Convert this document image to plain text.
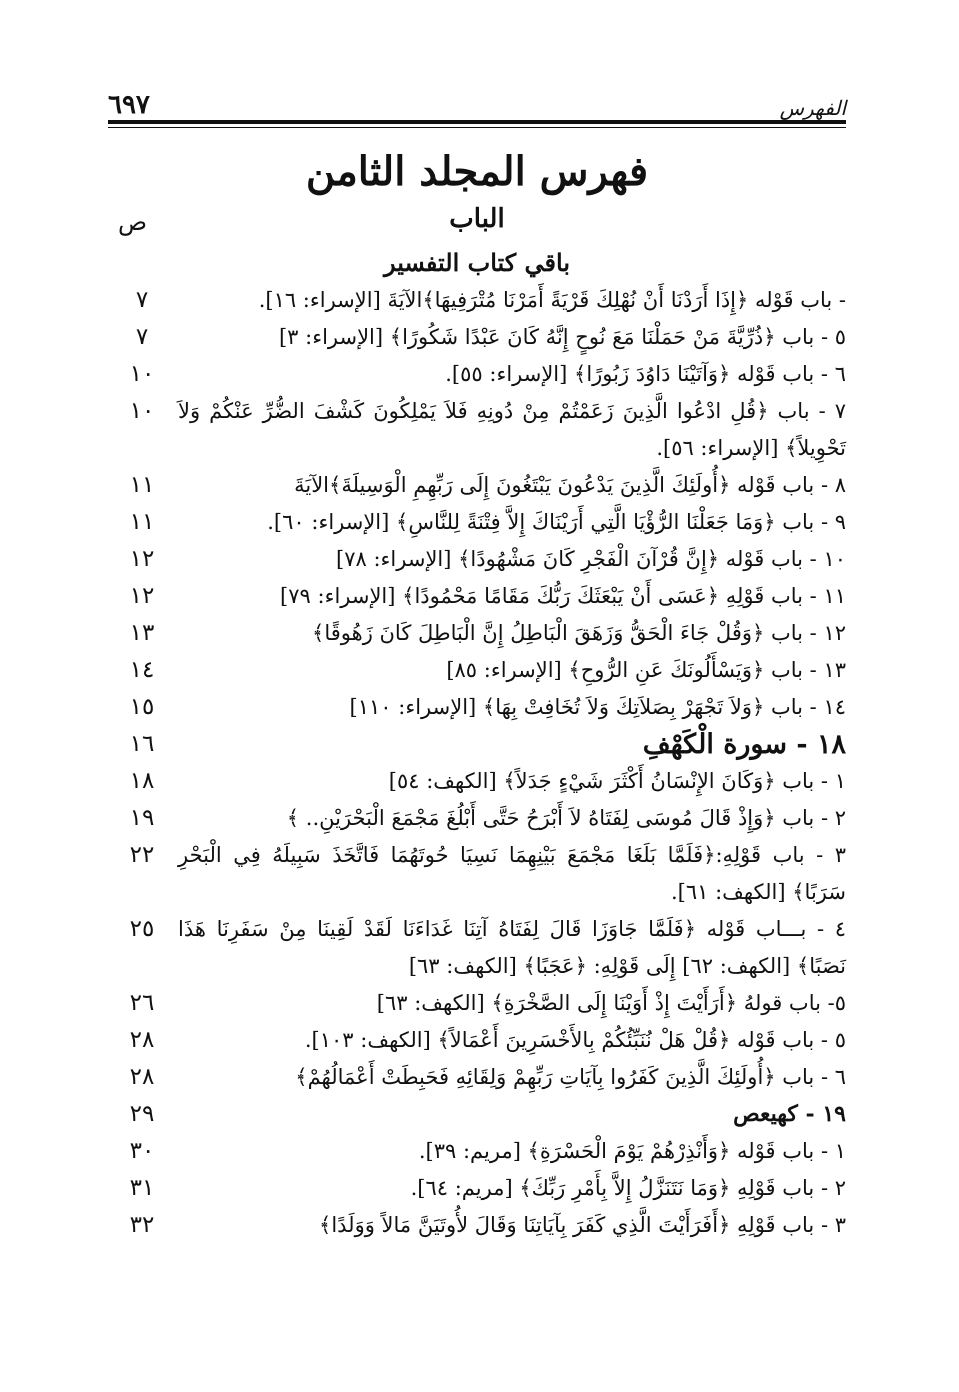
٦٩٧	الفهرس
فهرس المجلد الثامن
الباب
ص
باقي كتاب التفسير
٧	- باب قَوْله ﴿إِذَا أَرَدْنَا أَنْ نُهْلِكَ قَرْيَةً أَمَرْنَا مُتْرَفِيهَا﴾الآيَةَ [الإسراء: ١٦].
٧	٥ - باب ﴿ذُرِّيَّةَ مَنْ حَمَلْنَا مَعَ نُوحٍ إِنَّهُ كَانَ عَبْدًا شَكُورًا﴾ [الإسراء: ٣]
١٠	٦ - باب قَوْله ﴿وَآتَيْنَا دَاوُدَ زَبُورًا﴾ [الإسراء: ٥٥].
١٠	٧ - باب ﴿قُلِ ادْعُوا الَّذِينَ زَعَمْتُمْ مِنْ دُونِهِ فَلاَ يَمْلِكُونَ كَشْفَ الضُّرِّ عَنْكُمْ وَلاَ تَحْوِيلاً﴾ [الإسراء: ٥٦].
١١	٨ - باب قَوْله ﴿أُولَئِكَ الَّذِينَ يَدْعُونَ يَبْتَغُونَ إِلَى رَبِّهِمِ الْوَسِيلَةَ﴾الآيَةَ
١١	٩ - باب ﴿وَمَا جَعَلْنَا الرُّؤْيَا الَّتِي أَرَيْنَاكَ إِلاَّ فِتْنَةً لِلنَّاسِ﴾ [الإسراء: ٦٠].
١٢	١٠ - باب قَوْله ﴿إِنَّ قُرْآنَ الْفَجْرِ كَانَ مَشْهُودًا﴾ [الإسراء: ٧٨]
١٢	١١ - باب قَوْلِهِ ﴿عَسَى أَنْ يَبْعَثَكَ رَبُّكَ مَقَامًا مَحْمُودًا﴾ [الإسراء: ٧٩]
١٣	١٢ - باب ﴿وَقُلْ جَاءَ الْحَقُّ وَزَهَقَ الْبَاطِلُ إِنَّ الْبَاطِلَ كَانَ زَهُوقًا﴾
١٤	١٣ - باب ﴿وَيَسْأَلُونَكَ عَنِ الرُّوحِ﴾ [الإسراء: ٨٥]
١٥	١٤ - باب ﴿وَلاَ تَجْهَرْ بِصَلاَتِكَ وَلاَ تُخَافِتْ بِهَا﴾ [الإسراء: ١١٠]
١٦	١٨ - سورة الْكَهْفِ
١٨	١ - باب ﴿وَكَانَ الإِنْسَانُ أَكْثَرَ شَيْءٍ جَدَلاً﴾ [الكهف: ٥٤]
١٩	٢ - باب ﴿وَإِذْ قَالَ مُوسَى لِفَتَاهُ لاَ أَبْرَحُ حَتَّى أَبْلُغَ مَجْمَعَ الْبَحْرَيْنِ.. ﴾
٢٢	٣ - باب قَوْلِهِ:﴿فَلَمَّا بَلَغَا مَجْمَعَ بَيْنِهِمَا نَسِيَا حُوتَهُمَا فَاتَّخَذَ سَبِيلَهُ فِي الْبَحْرِ سَرَبًا﴾ [الكهف: ٦١].
٢٥	٤ - بـــاب قَوْله ﴿فَلَمَّا جَاوَزَا قَالَ لِفَتَاهُ آتِنَا غَدَاءَنَا لَقَدْ لَقِينَا مِنْ سَفَرِنَا هَذَا نَصَبًا﴾ [الكهف: ٦٢] إِلَى قَوْلِهِ: ﴿عَجَبًا﴾ [الكهف: ٦٣]
٢٦	٥- باب قولهُ ﴿أَرَأَيْتَ إِذْ أَوَيْنَا إِلَى الصَّخْرَةِ﴾ [الكهف: ٦٣]
٢٨	٥ - باب قَوْله ﴿قُلْ هَلْ نُنَبِّئُكُمْ بِالأَخْسَرِينَ أَعْمَالاً﴾ [الكهف: ١٠٣].
٢٨	٦ - باب ﴿أُولَئِكَ الَّذِينَ كَفَرُوا بِآيَاتِ رَبِّهِمْ وَلِقَائِهِ فَحَبِطَتْ أَعْمَالُهُمْ﴾
٢٩	١٩ - كهيعص
٣٠	١ - باب قَوْله ﴿وَأَنْذِرْهُمْ يَوْمَ الْحَسْرَةِ﴾ [مريم: ٣٩].
٣١	٢ - باب قَوْلِهِ ﴿وَمَا نَتَنَزَّلُ إِلاَّ بِأَمْرِ رَبِّكَ﴾ [مريم: ٦٤].
٣٢	٣ - باب قَوْلِهِ ﴿أَفَرَأَيْتَ الَّذِي كَفَرَ بِآيَاتِنَا وَقَالَ لأُوتَيَنَّ مَالاً وَوَلَدًا﴾
